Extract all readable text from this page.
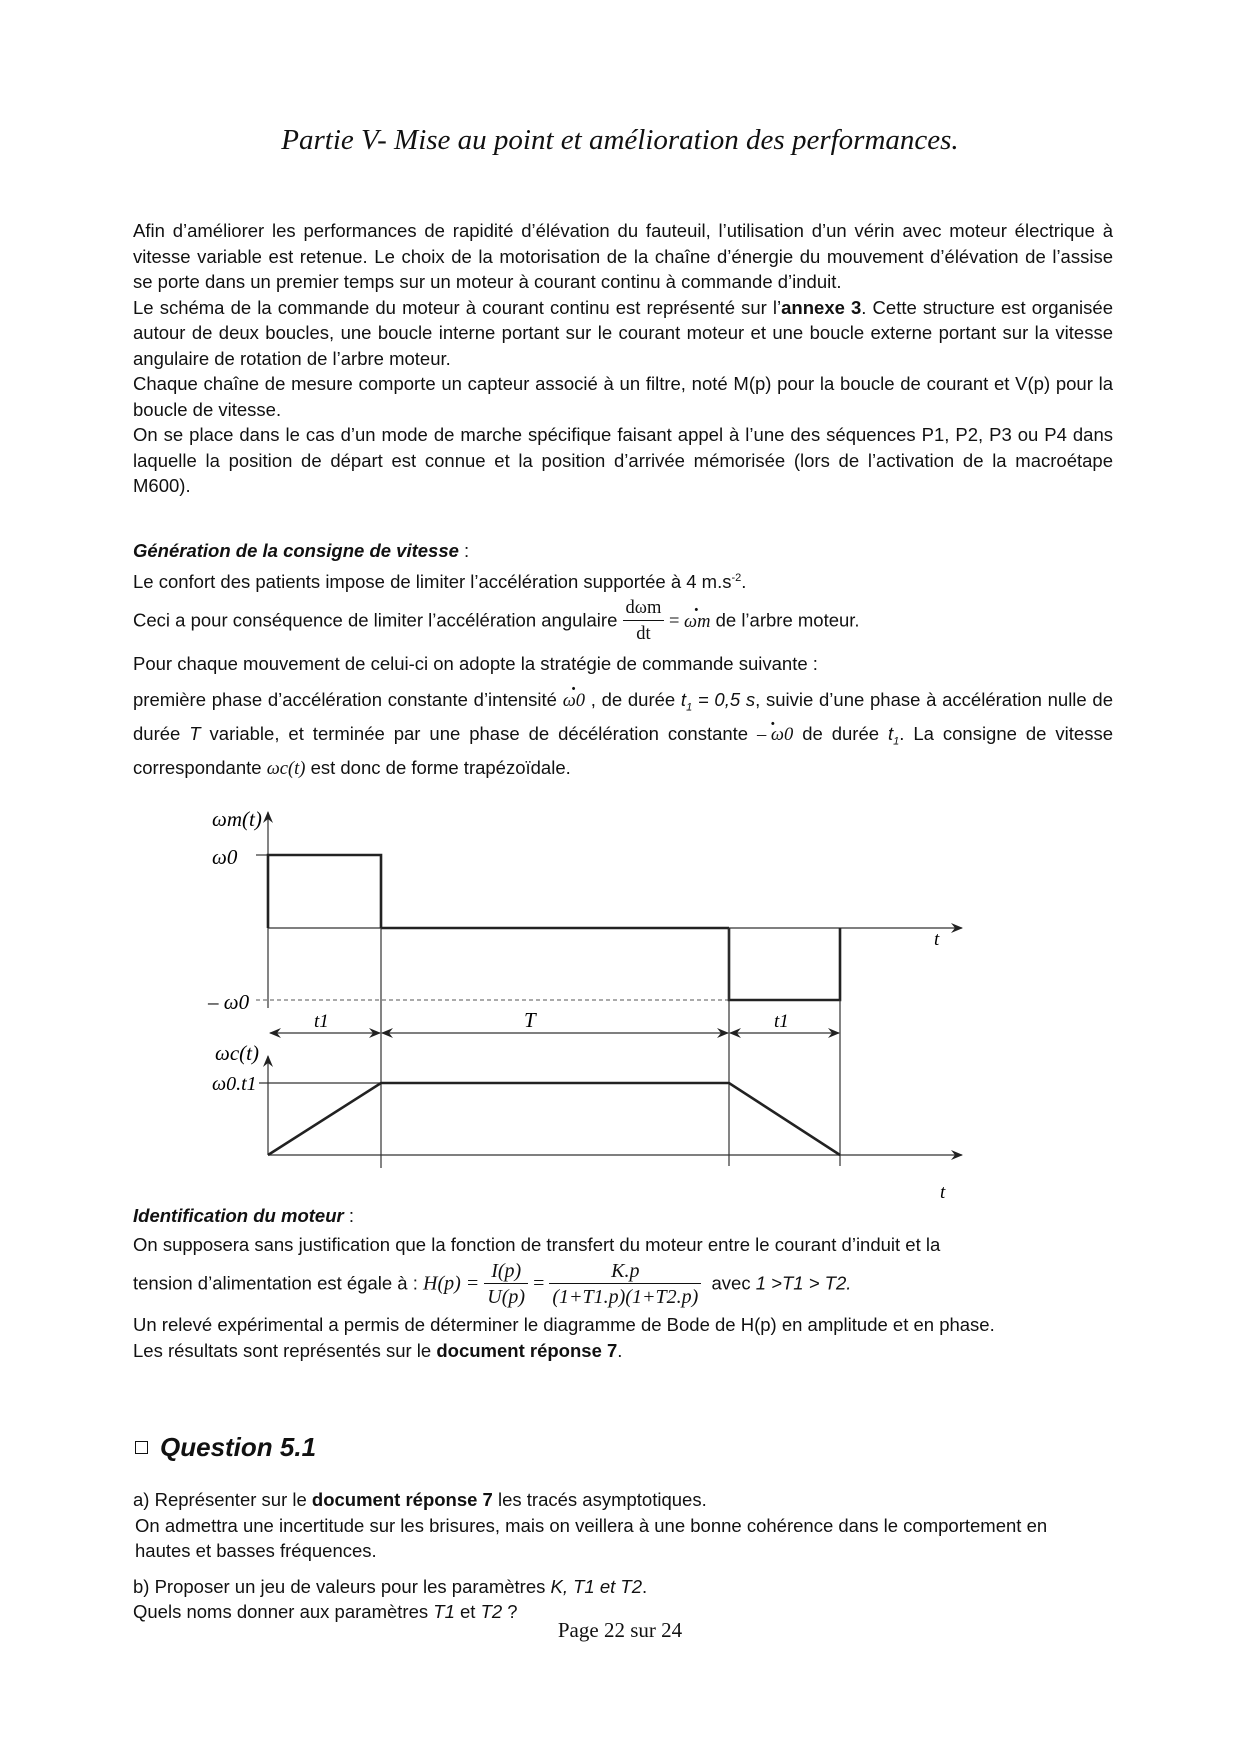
Partie V- Mise au point et amélioration des performances.

Afin d’améliorer les performances de rapidité d’élévation du fauteuil, l’utilisation d’un vérin avec moteur électrique à vitesse variable est retenue. Le choix de la motorisation de la chaîne d’énergie du mouvement d’élévation de l’assise se porte dans un premier temps sur un moteur à courant continu à commande d’induit.

Le schéma de la commande du moteur à courant continu est représenté sur l’annexe 3. Cette structure est organisée autour de deux boucles, une boucle interne portant sur le courant moteur et une boucle externe portant sur la vitesse angulaire de rotation de l’arbre moteur.

Chaque chaîne de mesure comporte un capteur associé à un filtre, noté M(p) pour la boucle de courant et V(p) pour la boucle de vitesse.

On se place dans le cas d’un mode de marche spécifique faisant appel à l’une des séquences P1, P2, P3 ou P4 dans laquelle la position de départ est connue et la position d’arrivée mémorisée (lors de l’activation de la macroétape M600).

Génération de la consigne de vitesse :

Le confort des patients impose de limiter l’accélération supportée à 4 $m.s^{-2}$.

Ceci a pour conséquence de limiter l’accélération angulaire $\frac{\text{dωm}}{dt}$ = · ωm de l’arbre moteur.

Pour chaque mouvement de celui-ci on adopte la stratégie de commande suivante :

première phase d’accélération constante d’intensité · ω0 , de durée $t_1 = 0,5$ s, suivie d’une phase à accélération nulle de durée T variable, et terminée par une phase de décélération constante · – ω0 de durée $t_1$. La consigne de vitesse correspondante ωc(t) est donc de forme trapézoïdale.

ωm(t)
ω0
– ω0
t
t1	T	t1
ωc(t)
ω0.t1
t

Identification du moteur :

On supposera sans justification que la fonction de transfert du moteur entre le courant d’induit et la

tension d’alimentation est égale à : $H(p) = \frac{I(p)}{U(p)} = \frac{K.p}{(1+T1.p)(1+T2.p)}$ avec 1 >T1 > T2.

Un relevé expérimental a permis de déterminer le diagramme de Bode de H(p) en amplitude et en phase.

Les résultats sont représentés sur le document réponse 7.

Question 5.1

a) Représenter sur le document réponse 7 les tracés asymptotiques.

On admettra une incertitude sur les brisures, mais on veillera à une bonne cohérence dans le comportement en hautes et basses fréquences.

b) Proposer un jeu de valeurs pour les paramètres K, T1 et T2.

Quels noms donner aux paramètres T1 et T2 ?

Page 22 sur 24
